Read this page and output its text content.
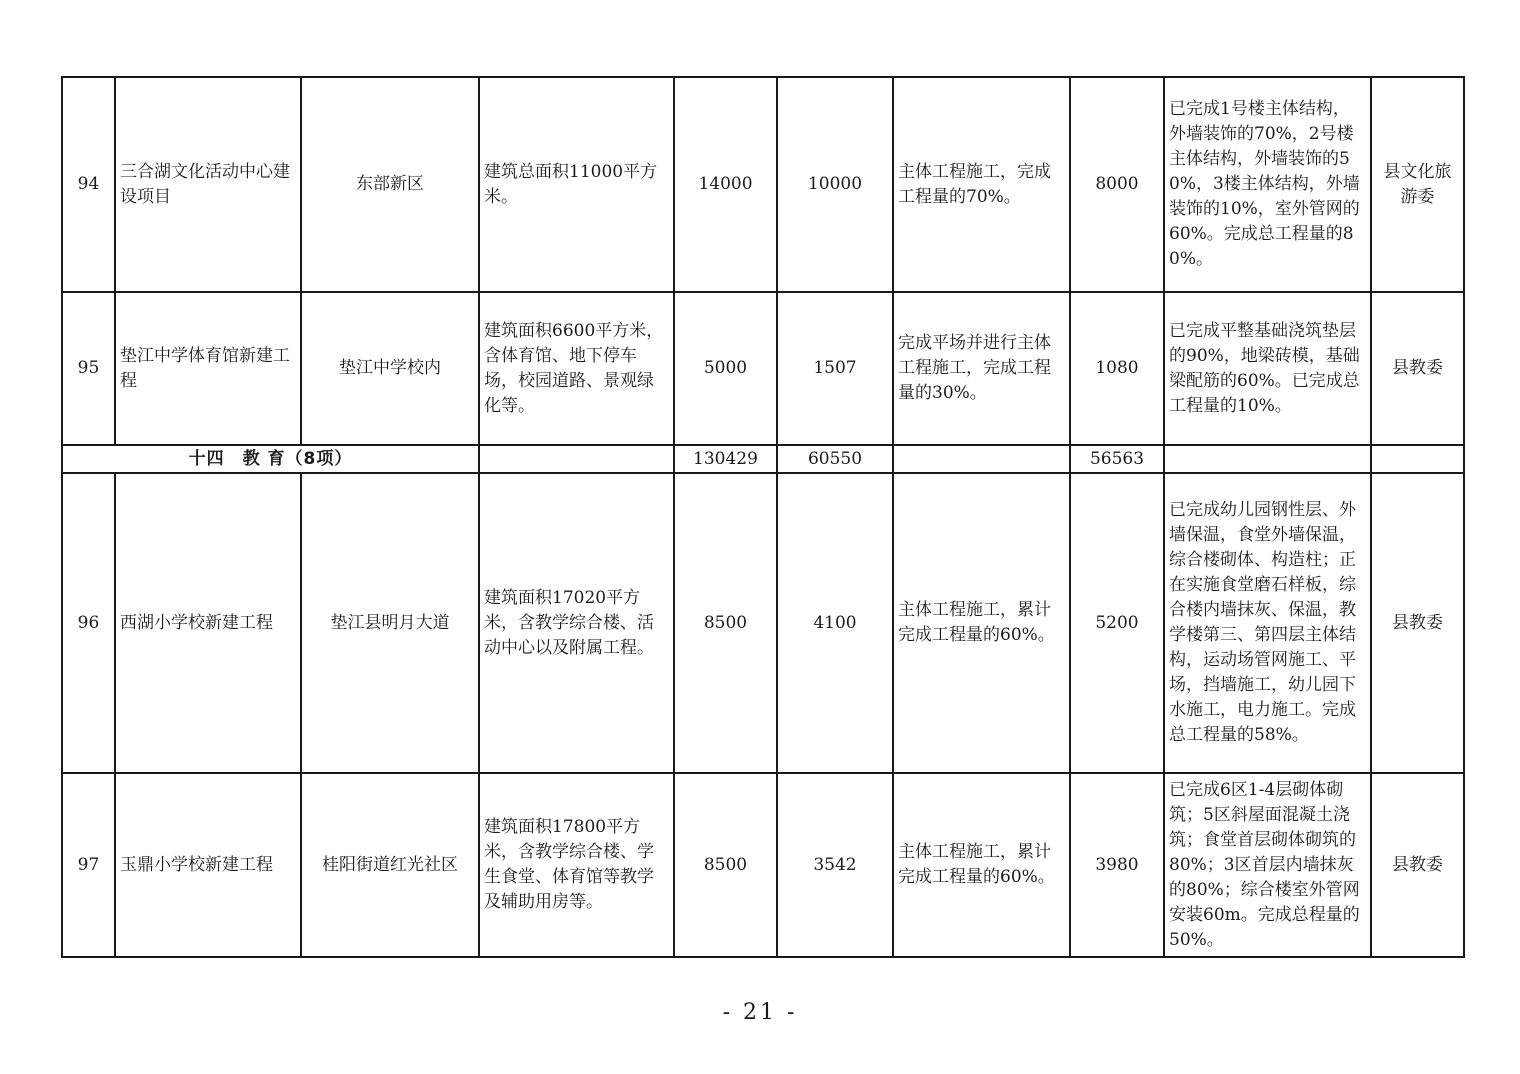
94	三合湖文化活动中心建设项目	东部新区	建筑总面积11000平方米。	14000	10000	主体工程施工，完成工程量的70%。	8000	已完成1号楼主体结构，外墙装饰的70%，2号楼主体结构，外墙装饰的50%，3楼主体结构，外墙装饰的10%，室外管网的60%。完成总工程量的80%。	县文化旅游委
95	垫江中学体育馆新建工程	垫江中学校内	建筑面积6600平方米，含体育馆、地下停车场，校园道路、景观绿化等。	5000	1507	完成平场并进行主体工程施工，完成工程量的30%。	1080	已完成平整基础浇筑垫层的90%，地梁砖模，基础梁配筋的60%。已完成总工程量的10%。	县教委
十四　教 育（8项）				130429	60550		56563		
96	西湖小学校新建工程	垫江县明月大道	建筑面积17020平方米，含教学综合楼、活动中心以及附属工程。	8500	4100	主体工程施工，累计完成工程量的60%。	5200	已完成幼儿园钢性层、外墙保温，食堂外墙保温，综合楼砌体、构造柱；正在实施食堂磨石样板，综合楼内墙抹灰、保温，教学楼第三、第四层主体结构，运动场管网施工、平场，挡墙施工，幼儿园下水施工，电力施工。完成总工程量的58%。	县教委
97	玉鼎小学校新建工程	桂阳街道红光社区	建筑面积17800平方米，含教学综合楼、学生食堂、体育馆等教学及辅助用房等。	8500	3542	主体工程施工，累计完成工程量的60%。	3980	已完成6区1-4层砌体砌筑；5区斜屋面混凝土浇筑；食堂首层砌体砌筑的80%；3区首层内墙抹灰的80%；综合楼室外管网安装60m。完成总程量的50%。	县教委
- 21 -
